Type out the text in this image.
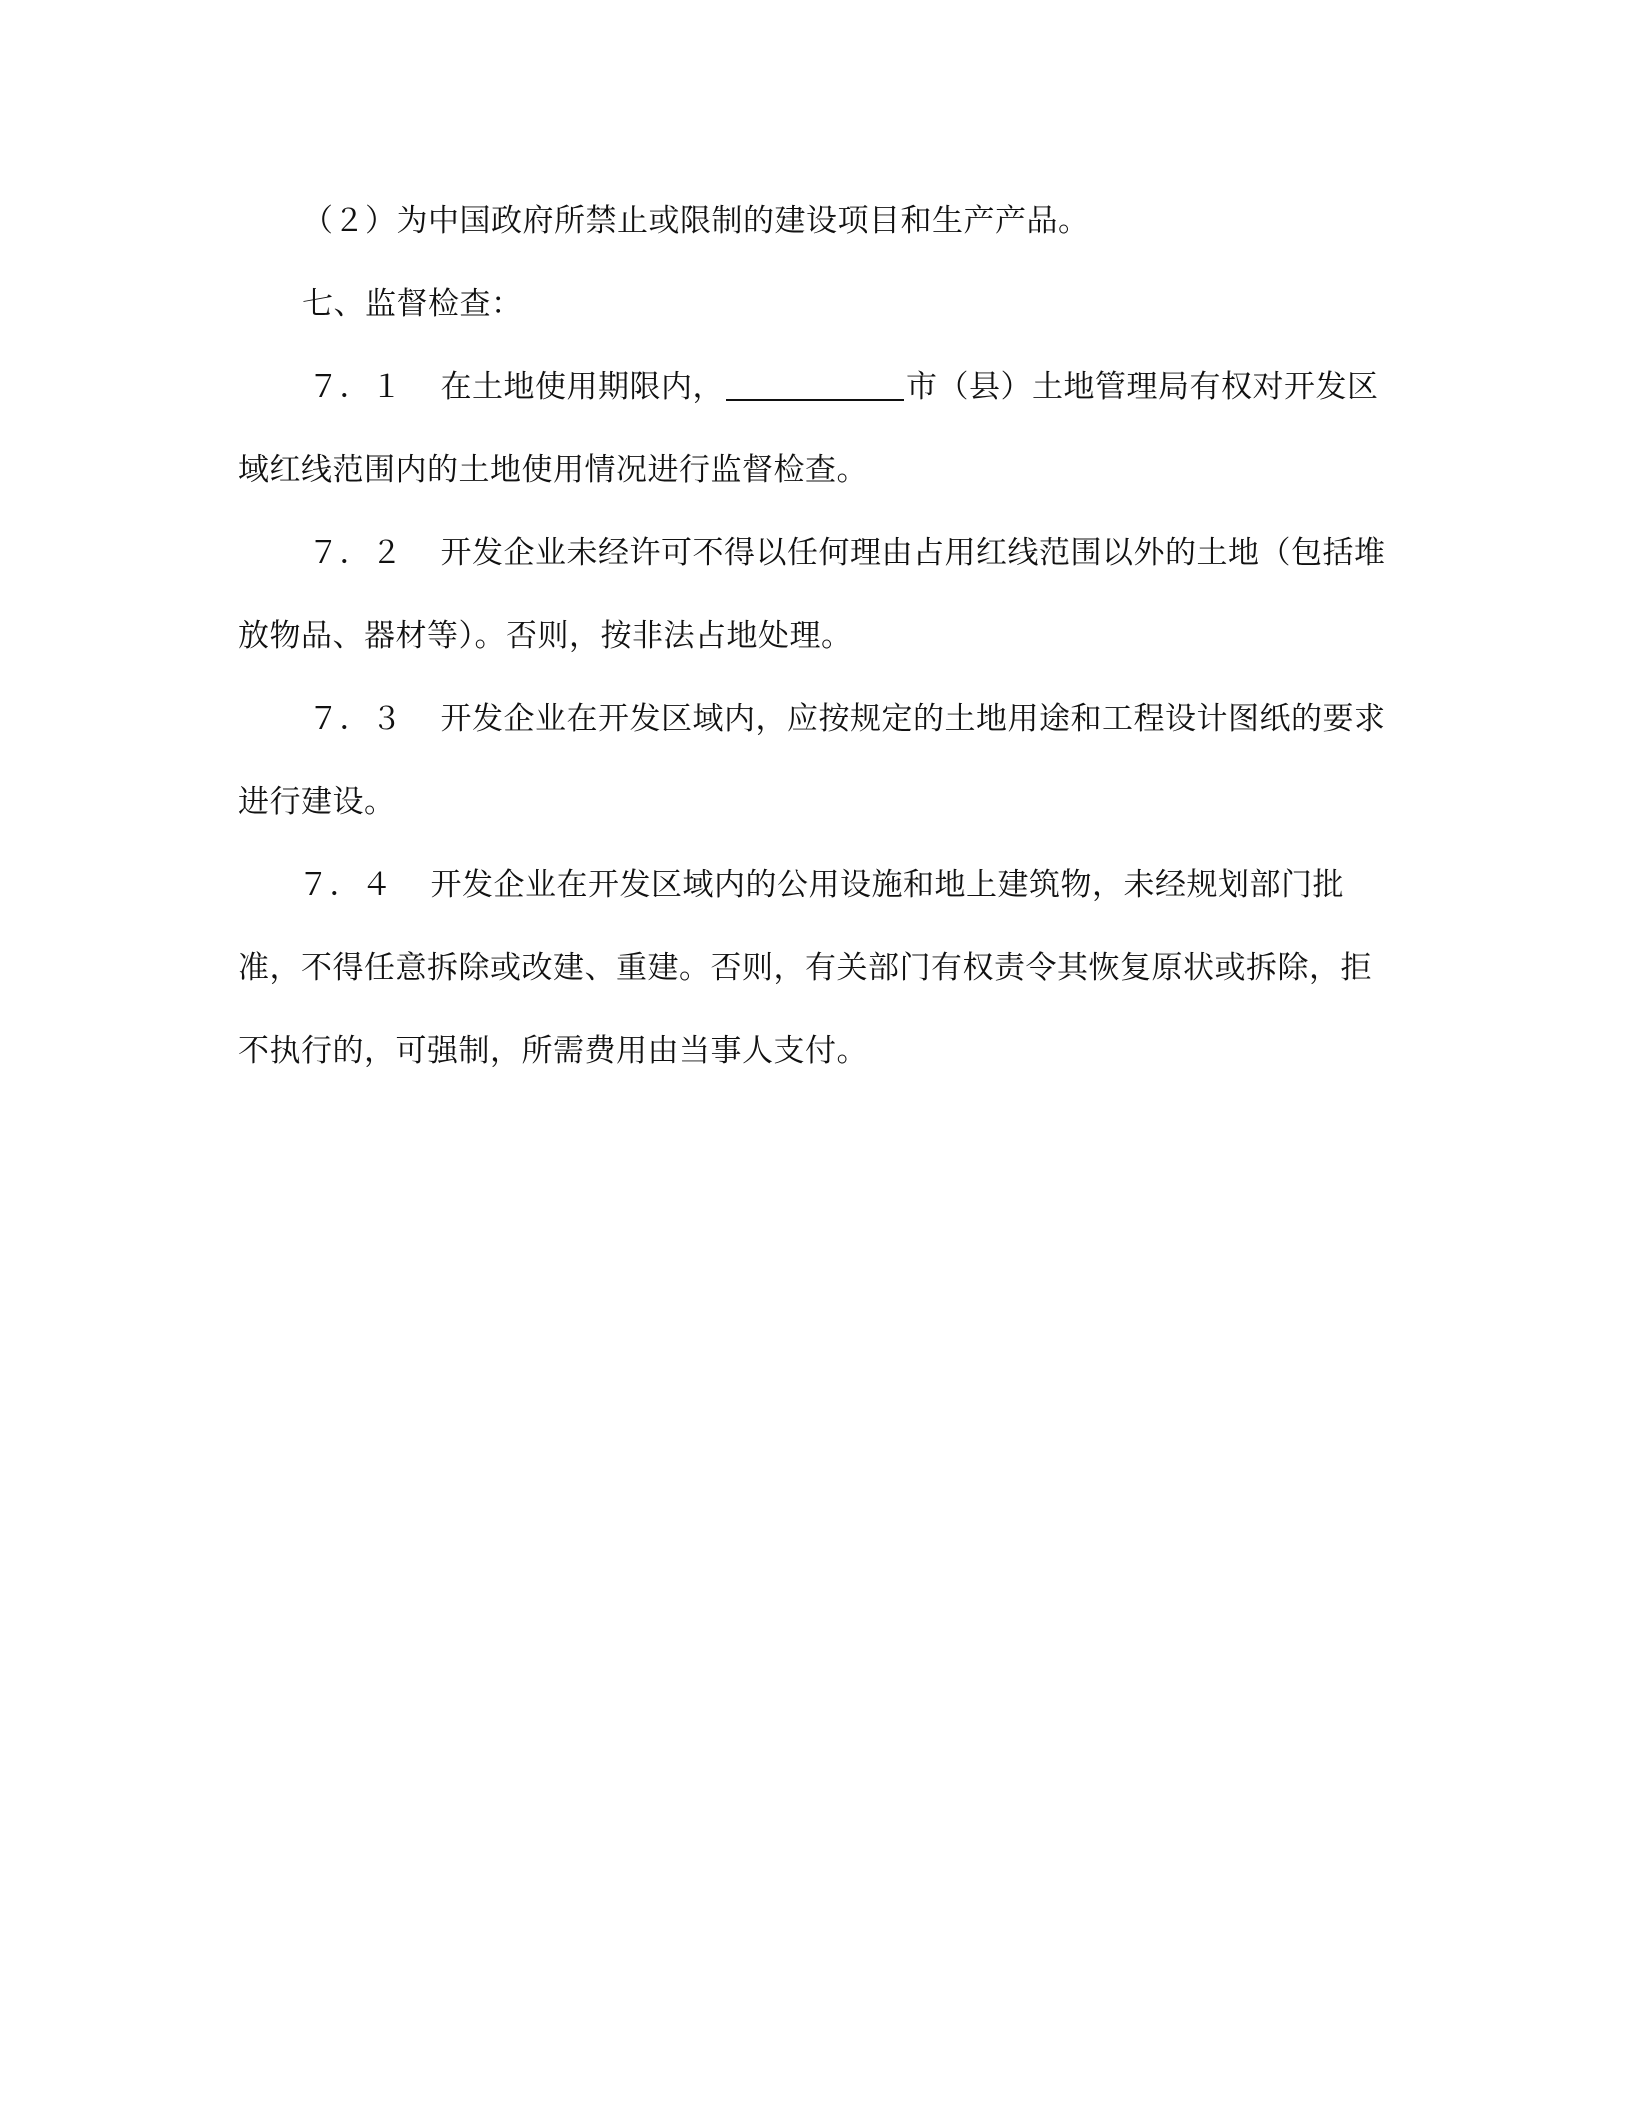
（２）为中国政府所禁止或限制的建设项目和生产产品。

七、监督检查：

７．１ 在土地使用期限内，	市（县）土地管理局有权对开发区域红线范围内的土地使用情况进行监督检查。

７．２ 开发企业未经许可不得以任何理由占用红线范围以外的土地（包括堆放物品、器材等）。否则，按非法占地处理。

７．３ 开发企业在开发区域内，应按规定的土地用途和工程设计图纸的要求进行建设。

７．４ 开发企业在开发区域内的公用设施和地上建筑物，未经规划部门批准，不得任意拆除或改建、重建。否则，有关部门有权责令其恢复原状或拆除，拒不执行的，可强制，所需费用由当事人支付。
